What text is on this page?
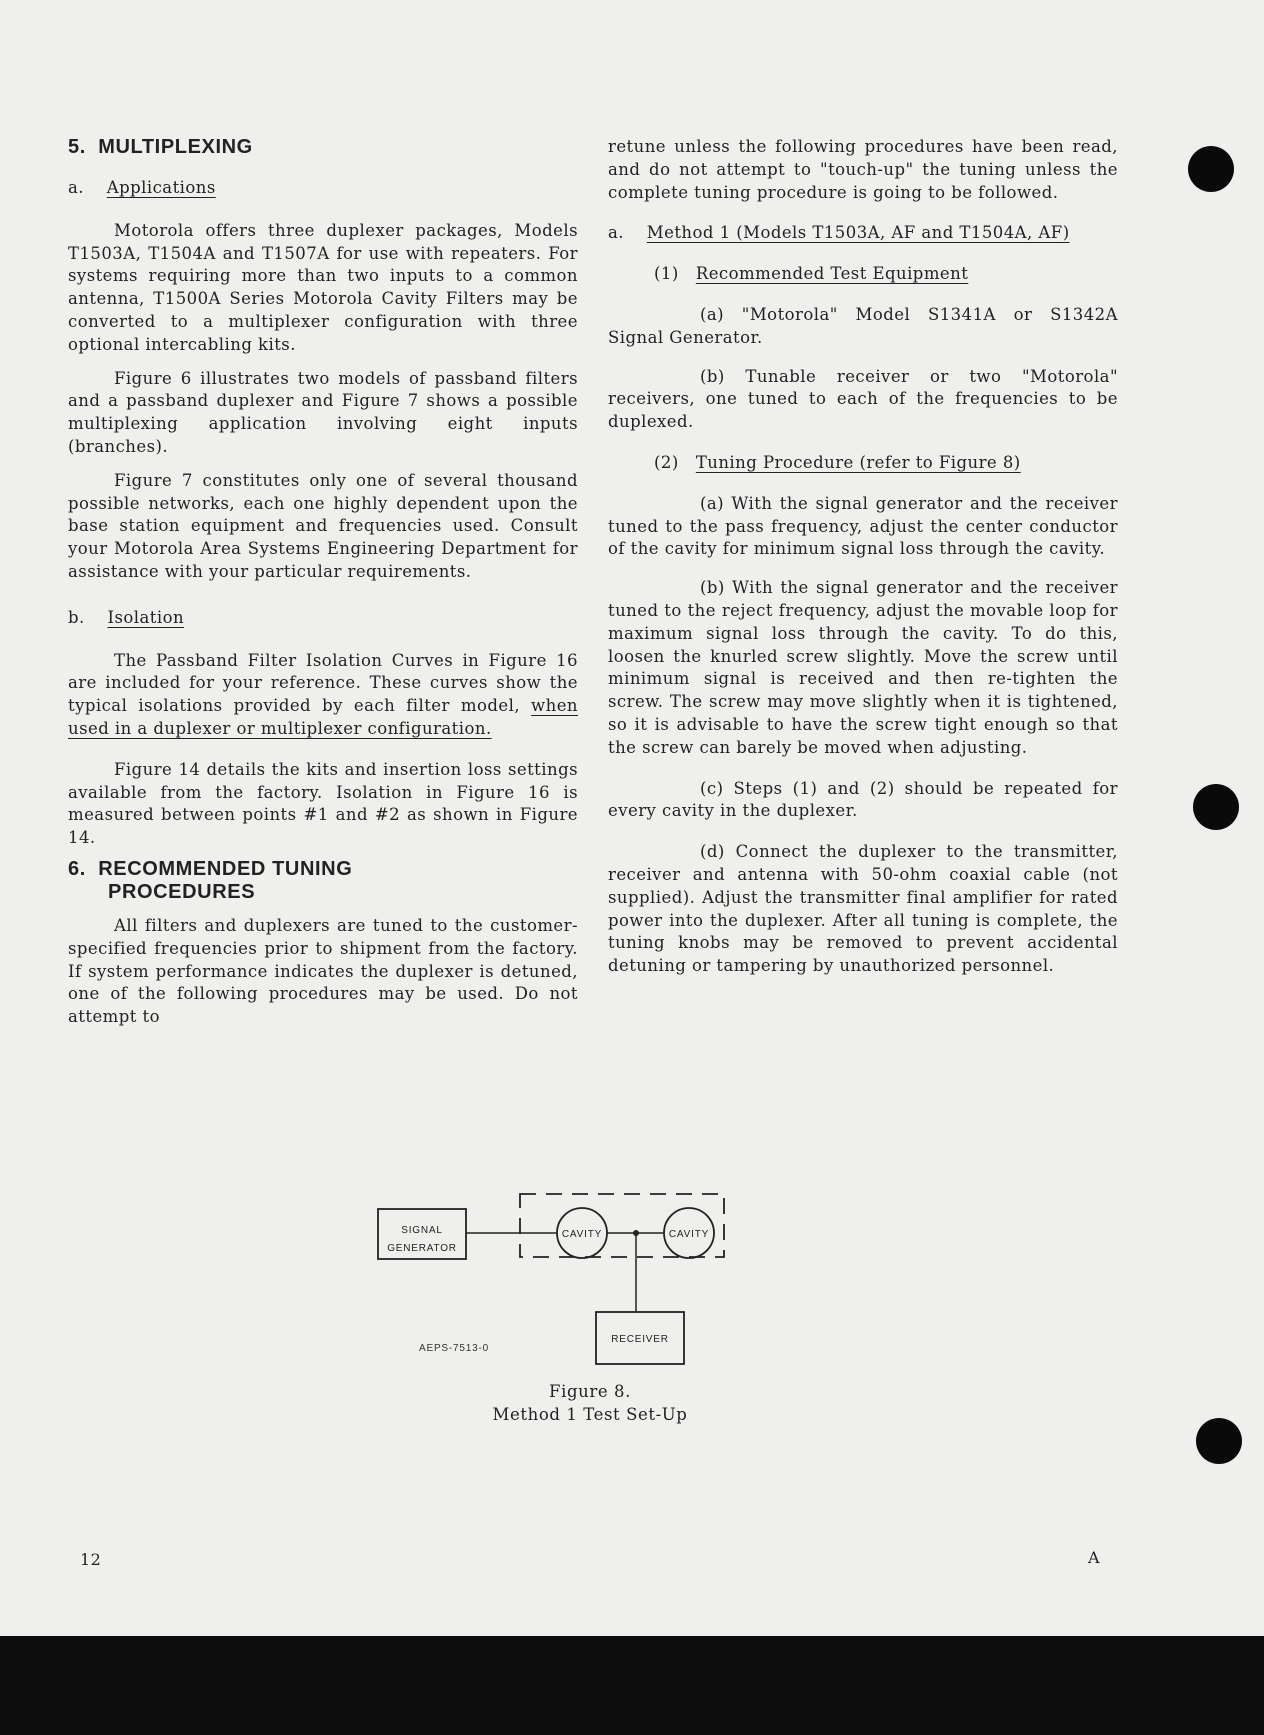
5. MULTIPLEXING
a. Applications

Motorola offers three duplexer packages, Models T1503A, T1504A and T1507A for use with repeaters. For systems requiring more than two inputs to a common antenna, T1500A Series Motorola Cavity Filters may be converted to a multiplexer configuration with three optional intercabling kits.

Figure 6 illustrates two models of passband filters and a passband duplexer and Figure 7 shows a possible multiplexing application involving eight inputs (branches).

Figure 7 constitutes only one of several thousand possible networks, each one highly dependent upon the base station equipment and frequencies used. Consult your Motorola Area Systems Engineering Department for assistance with your particular requirements.

b. Isolation

The Passband Filter Isolation Curves in Figure 16 are included for your reference. These curves show the typical isolations provided by each filter model, when used in a duplexer or multiplexer configuration.

Figure 14 details the kits and insertion loss settings available from the factory. Isolation in Figure 16 is measured between points #1 and #2 as shown in Figure 14.

6. RECOMMENDED TUNING
PROCEDURES

All filters and duplexers are tuned to the customer-specified frequencies prior to shipment from the factory. If system performance indicates the duplexer is detuned, one of the following procedures may be used. Do not attempt to

retune unless the following procedures have been read, and do not attempt to "touch-up" the tuning unless the complete tuning procedure is going to be followed.

a. Method 1 (Models T1503A, AF and T1504A, AF)
(1) Recommended Test Equipment

(a) "Motorola" Model S1341A or S1342A Signal Generator.

(b) Tunable receiver or two "Motorola" receivers, one tuned to each of the frequencies to be duplexed.

(2) Tuning Procedure (refer to Figure 8)

(a) With the signal generator and the receiver tuned to the pass frequency, adjust the center conductor of the cavity for minimum signal loss through the cavity.

(b) With the signal generator and the receiver tuned to the reject frequency, adjust the movable loop for maximum signal loss through the cavity. To do this, loosen the knurled screw slightly. Move the screw until minimum signal is received and then re-tighten the screw. The screw may move slightly when it is tightened, so it is advisable to have the screw tight enough so that the screw can barely be moved when adjusting.

(c) Steps (1) and (2) should be repeated for every cavity in the duplexer.

(d) Connect the duplexer to the transmitter, receiver and antenna with 50-ohm coaxial cable (not supplied). Adjust the transmitter final amplifier for rated power into the duplexer. After all tuning is complete, the tuning knobs may be removed to prevent accidental detuning or tampering by unauthorized personnel.

SIGNAL
GENERATOR
CAVITY	CAVITY
RECEIVER
AEPS-7513-0
Figure 8.
Method 1 Test Set-Up
12	A
